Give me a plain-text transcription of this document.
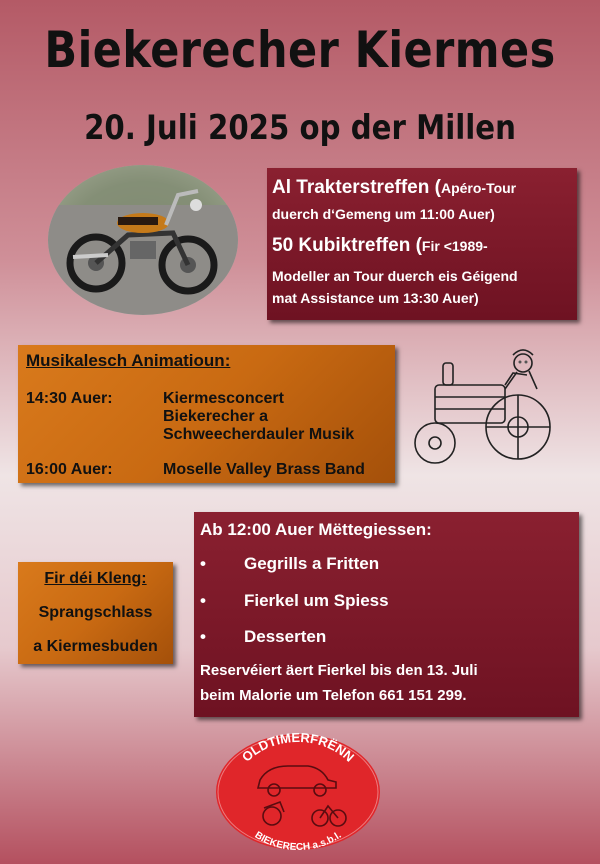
Biekerecher Kiermes
20. Juli 2025 op der Millen
Al Trakterstreffen (Apéro-Tour
duerch d‘Gemeng um 11:00 Auer)
50 Kubiktreffen (Fir <1989-
Modeller an Tour duerch eis Géigend
mat Assistance um 13:30 Auer)
Musikalesch Animatioun:
14:30 Auer:	Kiermesconcert
Biekerecher a
Schweecherdauler Musik
16:00 Auer:	Moselle Valley Brass Band
Fir déi Kleng:
Sprangschlass
a Kiermesbuden
Ab 12:00 Auer Mëttegiessen:
• Gegrills a Fritten
• Fierkel um Spiess
• Desserten
Reservéiert äert Fierkel bis den 13. Juli
beim Malorie um Telefon 661 151 299.
OLDTIMERFRËNN
BIEKERECH a.s.b.l.
